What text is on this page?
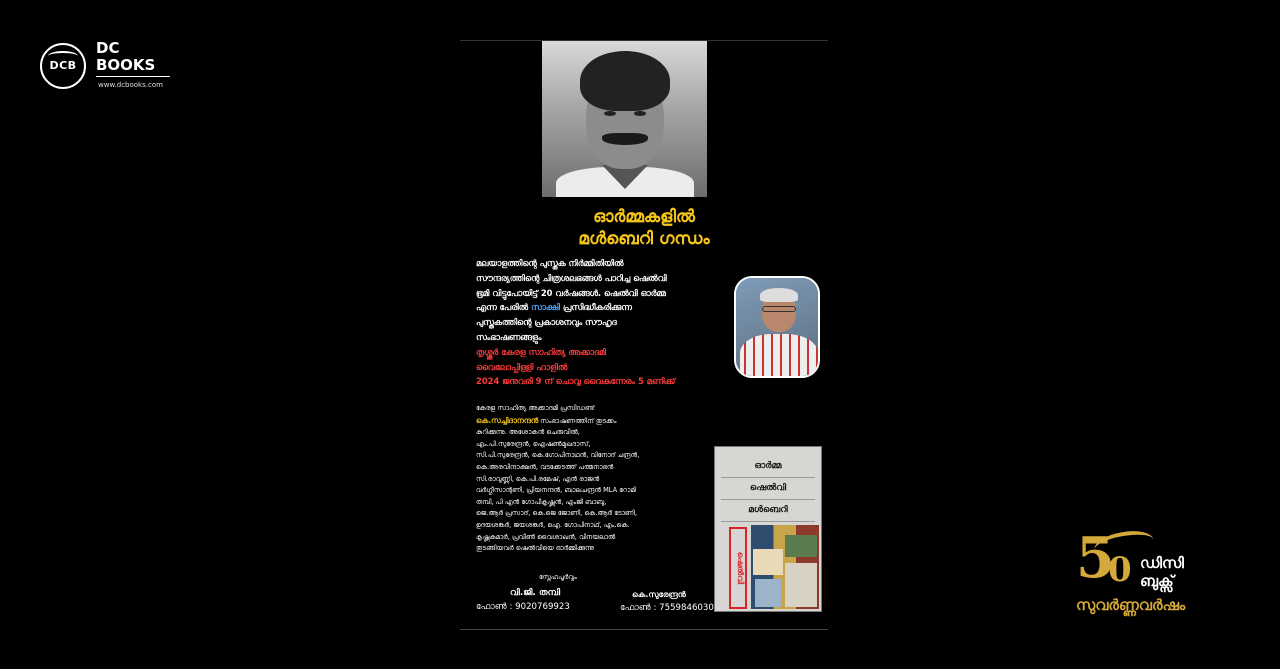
DCB
DC
BOOKS
www.dcbooks.com
ഓർമ്മകളിൽ
മൾബെറി ഗന്ധം

മലയാളത്തിന്റെ പുസ്തക നിർമ്മിതിയിൽ

സൗന്ദര്യത്തിന്റെ ചിത്രശലഭങ്ങൾ പാറിച്ച ഷെൽവി

ഭൂമി വിട്ടുപോയിട്ട് 20 വർഷങ്ങൾ. ഷെൽവി ഓർമ്മ

എന്ന പേരിൽ സാക്ഷി പ്രസിദ്ധീകരിക്കുന്ന

പുസ്തകത്തിന്റെ പ്രകാശനവും സൗഹൃദ

സംഭാഷണങ്ങളും

തൃശ്ശൂർ കേരള സാഹിത്യ അക്കാദമി

വൈലോപ്പിള്ളി ഹാളിൽ

2024 ജനുവരി 9 ന് ചൊവ്വ വൈകുന്നേരം 5 മണിക്ക്

കേരള സാഹിത്യ അക്കാദമി പ്രസിഡണ്ട്

കെ.സച്ചിദാനന്ദൻ സംഭാഷണത്തിന് തുടക്കം

കുറിക്കുന്നു. അശോകൻ ചെരുവിൽ,

എം.പി.സുരേന്ദ്രൻ, ഐഷൺമുഖദാസ്,

സി.പി.സുരേന്ദ്രൻ, കെ.ഗോപിനാഥൻ, വിനോദ് ചന്ദ്രൻ,

കെ.അരവിന്ദാക്ഷൻ, വടക്കേടത്ത് പത്മനാഭൻ

സി.രാവുണ്ണി, കെ.പി.രമേഷ്, എൻ രാജൻ

വർഗ്ഗീസാന്റണി, പ്രിയനന്ദൻ, ബാലചന്ദ്രൻ MLA റോമി

തമ്പി, പി എൻ ഗോപീകൃഷ്ണൻ, എംജി ബാബു,

ജെ.ആർ പ്രസാദ്, കെ.ജെ ജോണി, കെ.ആർ ടോണി,

ഉദയശങ്കർ, ജയശങ്കർ, ഐ. ഗോപിനാഥ്, എം.കെ.

കൃഷ്ണകുമാർ, പ്രവീൺ വൈശാഖൻ, വിനയലാൽ

തുടങ്ങിയവർ ഷെൽവിയെ ഓർമ്മിക്കുന്നു

സ്നേഹപൂർവ്വം
വി.ജി. തമ്പി
ഫോൺ : 9020769923
കെ.സുരേന്ദ്രൻ
ഫോൺ : 7559846030
ഓർമ്മ
ഷെൽവി
മൾബെറി
ഷെൽവി	5
0 ഡിസി
ബുക്സ്
സുവർണ്ണവർഷം
